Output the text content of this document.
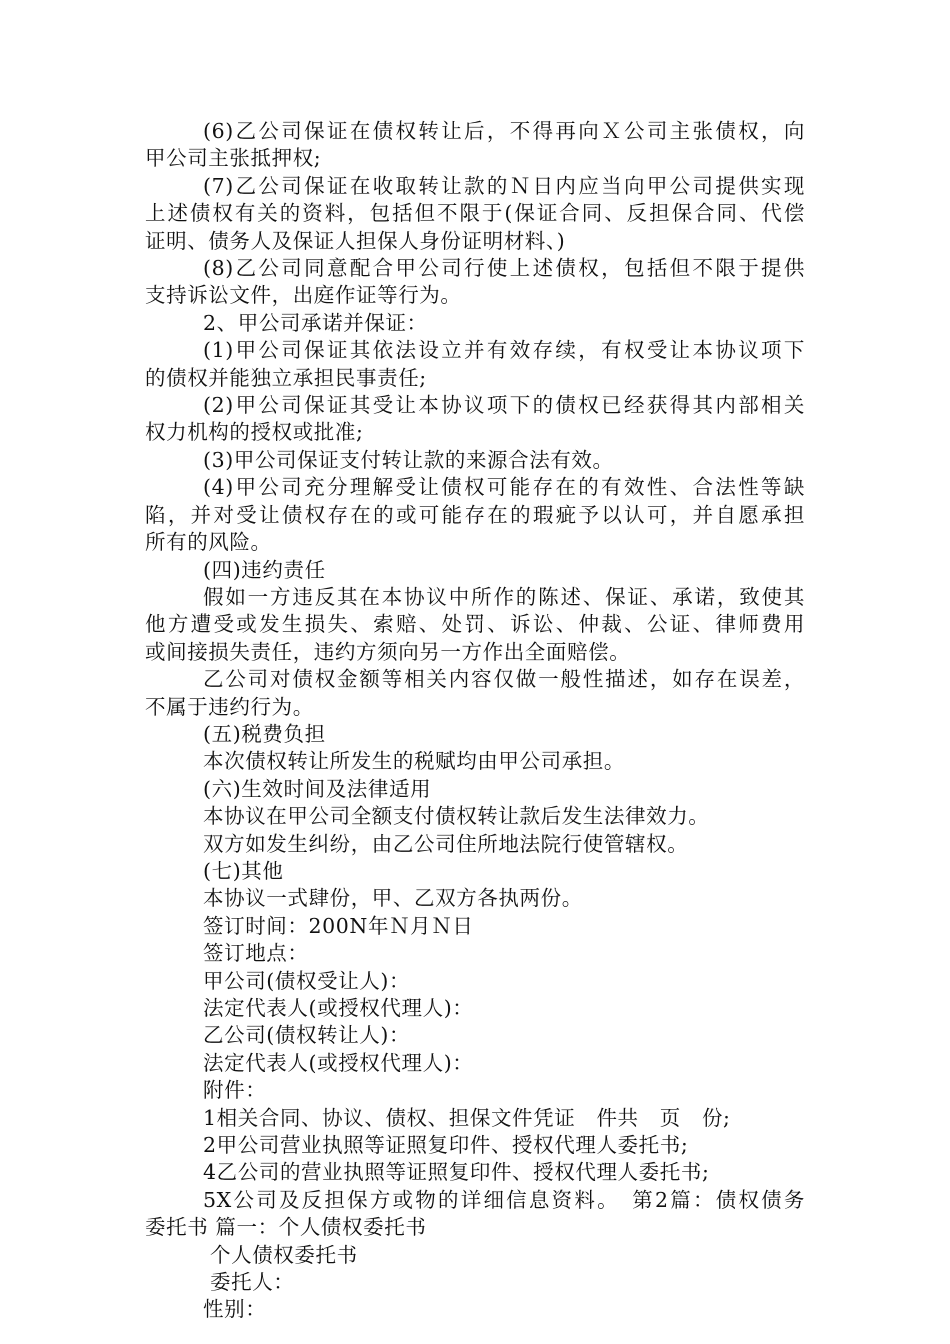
(6)乙公司保证在债权转让后，不得再向Ｘ公司主张债权，向
甲公司主张抵押权;
(7)乙公司保证在收取转让款的Ｎ日内应当向甲公司提供实现
上述债权有关的资料，包括但不限于(保证合同、反担保合同、代偿
证明、债务人及保证人担保人身份证明材料、)
(8)乙公司同意配合甲公司行使上述债权，包括但不限于提供
支持诉讼文件，出庭作证等行为。
2、甲公司承诺并保证：
(1)甲公司保证其依法设立并有效存续，有权受让本协议项下
的债权并能独立承担民事责任;
(2)甲公司保证其受让本协议项下的债权已经获得其内部相关
权力机构的授权或批准;
(3)甲公司保证支付转让款的来源合法有效。
(4)甲公司充分理解受让债权可能存在的有效性、合法性等缺
陷，并对受让债权存在的或可能存在的瑕疵予以认可，并自愿承担
所有的风险。
(四)违约责任
假如一方违反其在本协议中所作的陈述、保证、承诺，致使其
他方遭受或发生损失、索赔、处罚、诉讼、仲裁、公证、律师费用
或间接损失责任，违约方须向另一方作出全面赔偿。
乙公司对债权金额等相关内容仅做一般性描述，如存在误差，
不属于违约行为。
(五)税费负担
本次债权转让所发生的税赋均由甲公司承担。
(六)生效时间及法律适用
本协议在甲公司全额支付债权转让款后发生法律效力。
双方如发生纠纷，由乙公司住所地法院行使管辖权。
(七)其他
本协议一式肆份，甲、乙双方各执两份。
签订时间：200N年Ｎ月Ｎ日
签订地点：
甲公司(债权受让人)：
法定代表人(或授权代理人)：
乙公司(债权转让人)：
法定代表人(或授权代理人)：
附件：
1相关合同、协议、债权、担保文件凭证　件共　页　份;
2甲公司营业执照等证照复印件、授权代理人委托书;
4乙公司的营业执照等证照复印件、授权代理人委托书;
5X公司及反担保方或物的详细信息资料。　第2篇：债权债务
委托书 篇一：个人债权委托书
个人债权委托书
委托人：
性别：
